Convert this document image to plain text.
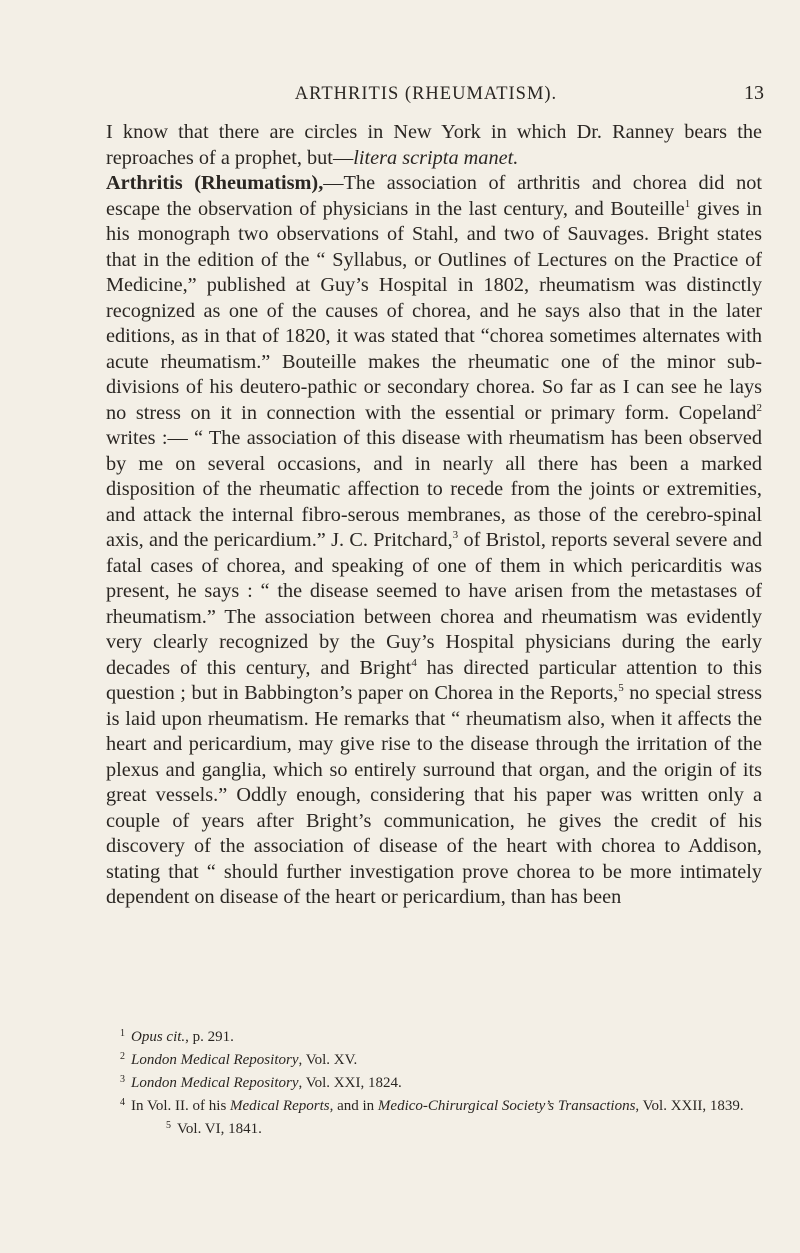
ARTHRITIS (RHEUMATISM).	13

I know that there are circles in New York in which Dr. Ranney bears the reproaches of a prophet, but—litera scripta manet.

Arthritis (Rheumatism),—The association of arthritis and chorea did not escape the observation of physicians in the last century, and Bouteille$^1$ gives in his monograph two observations of Stahl, and two of Sauvages. Bright states that in the edition of the “ Syllabus, or Outlines of Lectures on the Practice of Medicine,” published at Guy’s Hospital in 1802, rheumatism was distinctly recognized as one of the causes of chorea, and he says also that in the later editions, as in that of 1820, it was stated that “chorea sometimes alternates with acute rheumatism.” Bouteille makes the rheumatic one of the minor sub-divisions of his deutero-pathic or secondary chorea. So far as I can see he lays no stress on it in connection with the essential or primary form. Copeland$^2$ writes :— “ The association of this disease with rheumatism has been observed by me on several occasions, and in nearly all there has been a marked disposition of the rheumatic affection to recede from the joints or extremities, and attack the internal fibro-serous membranes, as those of the cerebro-spinal axis, and the pericardium.” J. C. Pritchard,$^3$ of Bristol, reports several severe and fatal cases of chorea, and speaking of one of them in which pericarditis was present, he says : “ the disease seemed to have arisen from the metastases of rheumatism.” The association between chorea and rheumatism was evidently very clearly recognized by the Guy’s Hospital physicians during the early decades of this century, and Bright$^4$ has directed particular attention to this question ; but in Babbington’s paper on Chorea in the Reports,$^5$ no special stress is laid upon rheumatism. He remarks that “ rheumatism also, when it affects the heart and pericardium, may give rise to the disease through the irritation of the plexus and ganglia, which so entirely surround that organ, and the origin of its great vessels.” Oddly enough, considering that his paper was written only a couple of years after Bright’s communication, he gives the credit of his discovery of the association of disease of the heart with chorea to Addison, stating that “ should further investigation prove chorea to be more intimately dependent on disease of the heart or pericardium, than has been

$^1$ Opus cit., p. 291.

$^2$ London Medical Repository, Vol. XV.

$^3$ London Medical Repository, Vol. XXI, 1824.

$^4$ In Vol. II. of his Medical Reports, and in Medico-Chirurgical Society’s Transactions, Vol. XXII, 1839.$^5$ Vol. VI, 1841.
